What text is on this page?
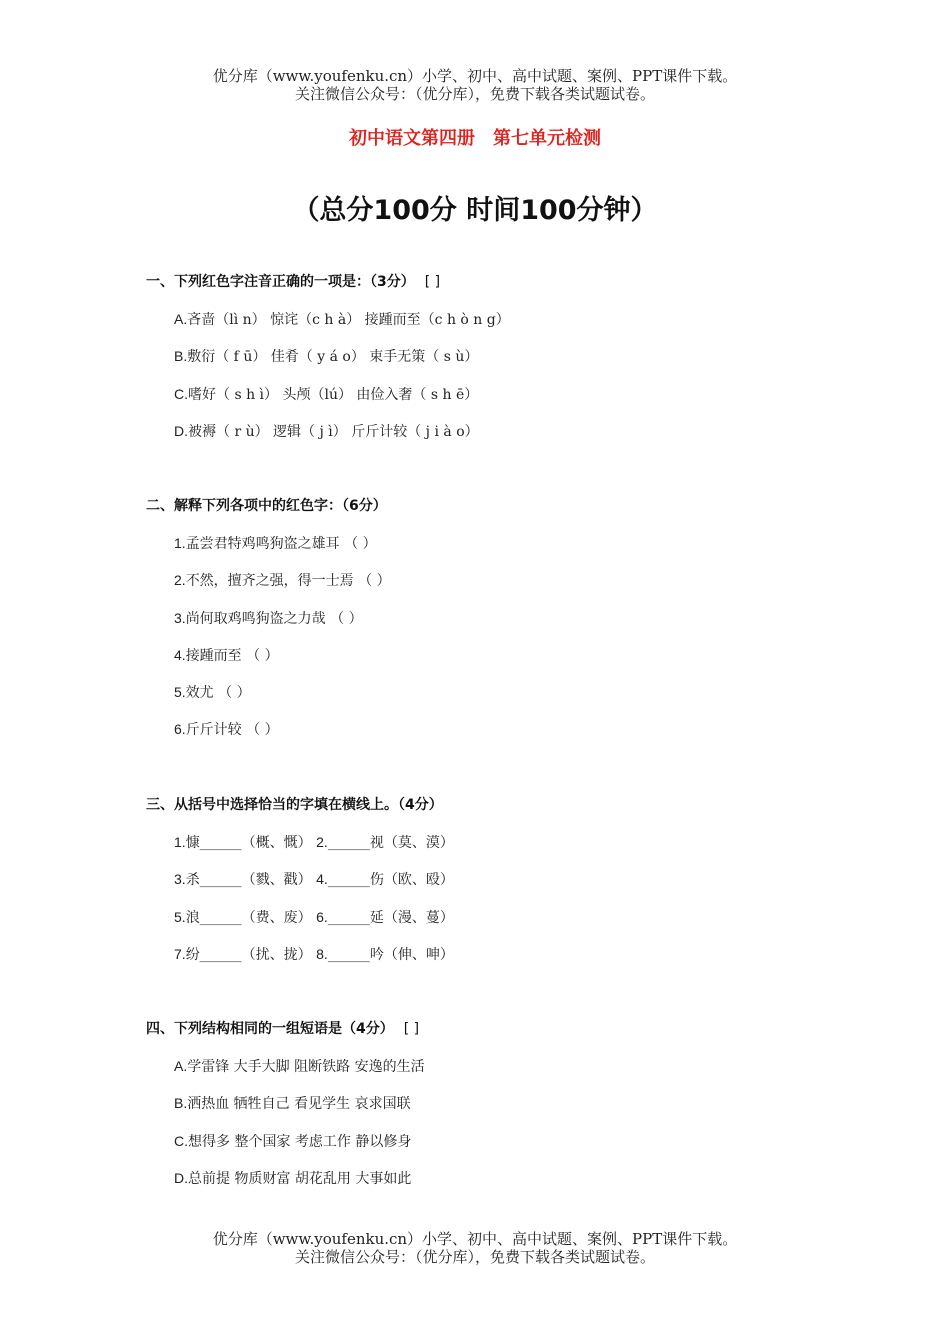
优分库（www.youfenku.cn）小学、初中、高中试题、案例、PPT课件下载。
关注微信公众号：（优分库），免费下载各类试题试卷。
初中语文第四册　第七单元检测
（总分100分 时间100分钟）
一、下列红色字注音正确的一项是：（3分） [ ]
A.吝啬（lì n） 惊诧（c h à） 接踵而至（c h ò n g）
B.敷衍（ f ū） 佳肴（ y á o） 束手无策（ s ù）
C.嗜好（ s h ì） 头颅（lú） 由俭入奢（ s h ē）
D.被褥（ r ù） 逻辑（ j ì） 斤斤计较（ j i à o）
二、解释下列各项中的红色字：（6分）
1.孟尝君特鸡鸣狗盗之雄耳 （ ）
2.不然，擅齐之强，得一士焉 （ ）
3.尚何取鸡鸣狗盗之力哉 （ ）
4.接踵而至 （ ）
5.效尤 （ ）
6.斤斤计较 （ ）
三、从括号中选择恰当的字填在横线上。（4分）
1.慷______（概、慨） 2.______视（莫、漠）
3.杀______（戮、戳） 4.______伤（欧、殴）
5.浪______（费、废） 6.______延（漫、蔓）
7.纷______（扰、拢） 8.______吟（伸、呻）
四、下列结构相同的一组短语是（4分） [ ]
A.学雷锋 大手大脚 阻断铁路 安逸的生活
B.洒热血 牺牲自己 看见学生 哀求国联
C.想得多 整个国家 考虑工作 静以修身
D.总前提 物质财富 胡花乱用 大事如此
优分库（www.youfenku.cn）小学、初中、高中试题、案例、PPT课件下载。
关注微信公众号：（优分库），免费下载各类试题试卷。
